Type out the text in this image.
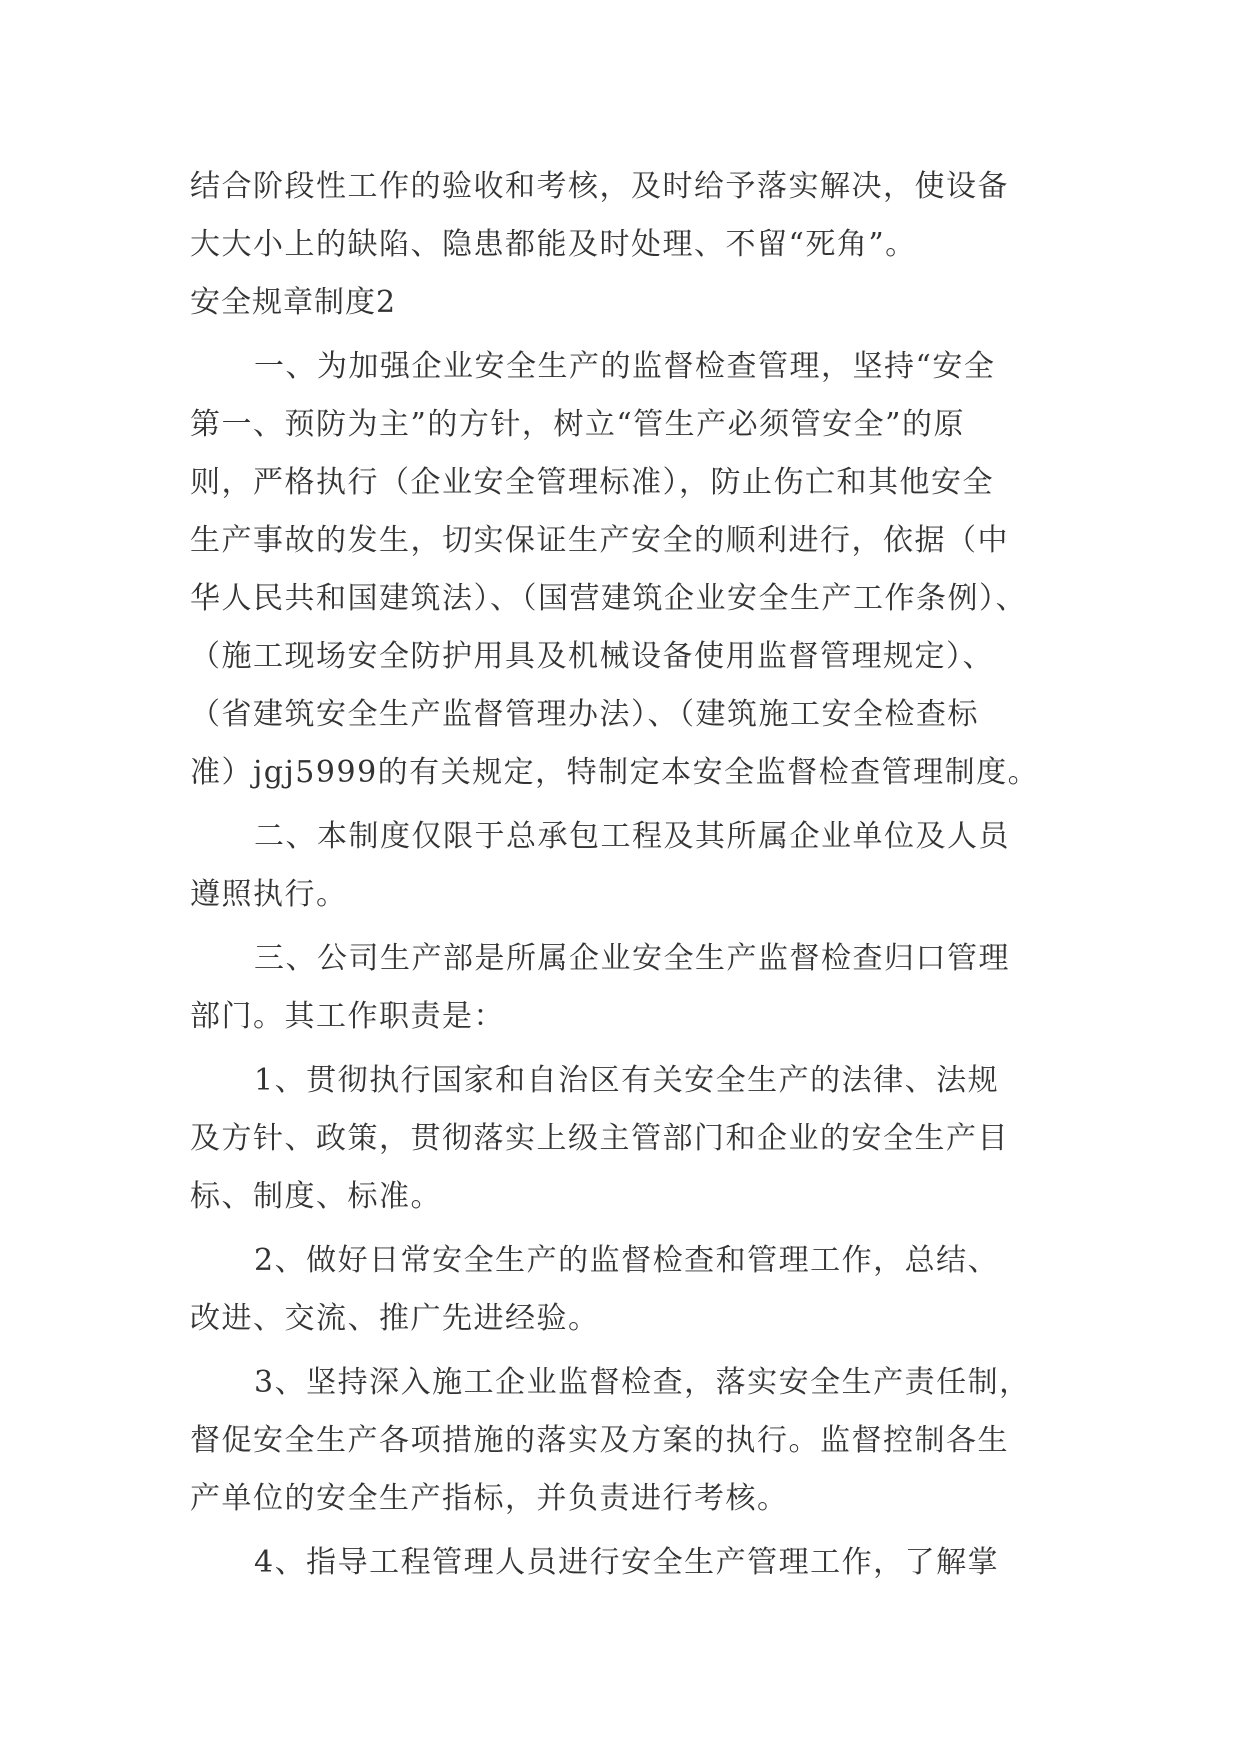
结合阶段性工作的验收和考核，及时给予落实解决，使设备
大大小上的缺陷、隐患都能及时处理、不留“死角”。
安全规章制度2
一、为加强企业安全生产的监督检查管理，坚持“安全
第一、预防为主”的方针，树立“管生产必须管安全”的原
则，严格执行（企业安全管理标准），防止伤亡和其他安全
生产事故的发生，切实保证生产安全的顺利进行，依据（中
华人民共和国建筑法）、（国营建筑企业安全生产工作条例）、
（施工现场安全防护用具及机械设备使用监督管理规定）、
（省建筑安全生产监督管理办法）、（建筑施工安全检查标
准）jgj5999的有关规定，特制定本安全监督检查管理制度。
二、本制度仅限于总承包工程及其所属企业单位及人员
遵照执行。
三、公司生产部是所属企业安全生产监督检查归口管理
部门。其工作职责是：
1、贯彻执行国家和自治区有关安全生产的法律、法规
及方针、政策，贯彻落实上级主管部门和企业的安全生产目
标、制度、标准。
2、做好日常安全生产的监督检查和管理工作，总结、
改进、交流、推广先进经验。
3、坚持深入施工企业监督检查，落实安全生产责任制，
督促安全生产各项措施的落实及方案的执行。监督控制各生
产单位的安全生产指标，并负责进行考核。
4、指导工程管理人员进行安全生产管理工作，了解掌
